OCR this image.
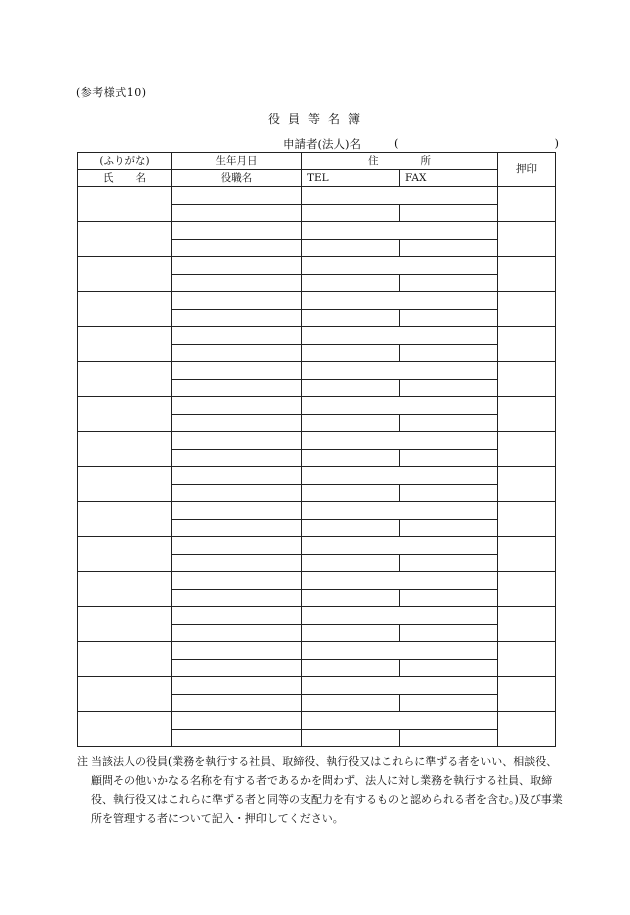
(参考様式10)
役員等名簿
申請者(法人)名	(	)
(ふりがな)	生年月日	住 所		押印
氏 名	役職名	TEL	FAX	

注 当該法人の役員(業務を執行する社員、取締役、執行役又はこれらに準ずる者をいい、相談役、顧問その他いかなる名称を有する者であるかを問わず、法人に対し業務を執行する社員、取締役、執行役又はこれらに準ずる者と同等の支配力を有するものと認められる者を含む。)及び事業所を管理する者について記入・押印してください。
